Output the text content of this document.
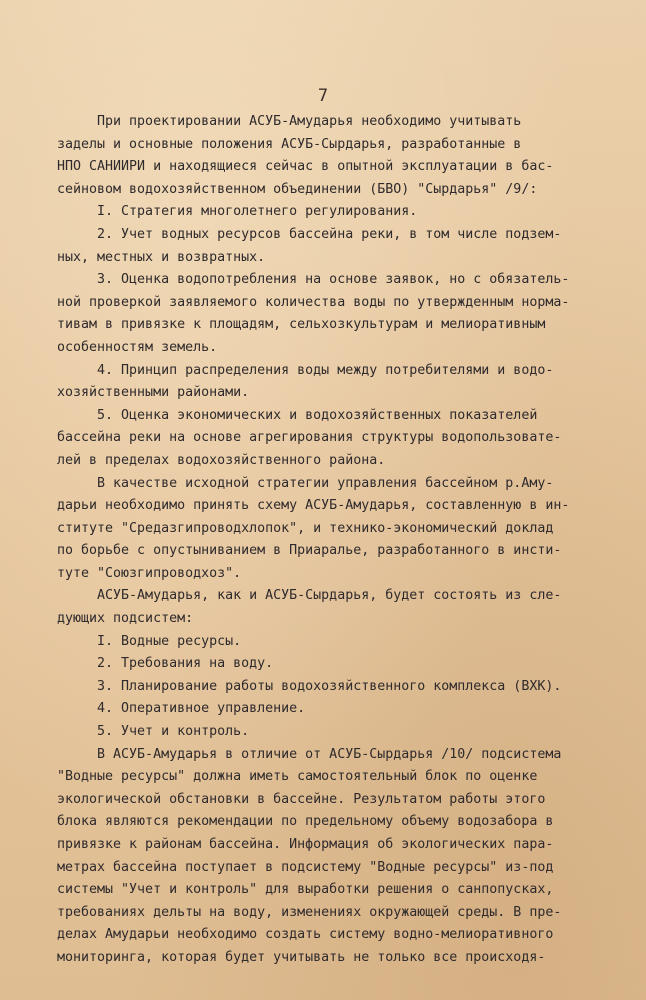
7
При проектировании АСУБ-Амударья необходимо учитывать
заделы и основные положения АСУБ-Сырдарья, разработанные в
НПО САНИИРИ и находящиеся сейчас в опытной эксплуатации в бас-
сейновом водохозяйственном объединении (БВО) "Сырдарья" /9/:
I. Стратегия многолетнего регулирования.
2. Учет водных ресурсов бассейна реки, в том числе подзем-
ных, местных и возвратных.
3. Оценка водопотребления на основе заявок, но с обязатель-
ной проверкой заявляемого количества воды по утвержденным норма-
тивам в привязке к площадям, сельхозкультурам и мелиоративным
особенностям земель.
4. Принцип распределения воды между потребителями и водо-
хозяйственными районами.
5. Оценка экономических и водохозяйственных показателей
бассейна реки на основе агрегирования структуры водопользовате-
лей в пределах водохозяйственного района.
В качестве исходной стратегии управления бассейном р.Аму-
дарьи необходимо принять схему АСУБ-Амударья, составленную в ин-
ституте "Средазгипроводхлопок", и технико-экономический доклад
по борьбе с опустыниванием в Приаралье, разработанного в инсти-
туте "Союзгипроводхоз".
АСУБ-Амударья, как и АСУБ-Сырдарья, будет состоять из сле-
дующих подсистем:
I. Водные ресурсы.
2. Требования на воду.
3. Планирование работы водохозяйственного комплекса (ВХК).
4. Оперативное управление.
5. Учет и контроль.
В АСУБ-Амударья в отличие от АСУБ-Сырдарья /10/ подсистема
"Водные ресурсы" должна иметь самостоятельный блок по оценке
экологической обстановки в бассейне. Результатом работы этого
блока являются рекомендации по предельному объему водозабора в
привязке к районам бассейна. Информация об экологических пара-
метрах бассейна поступает в подсистему "Водные ресурсы" из-под
системы "Учет и контроль" для выработки решения о санпопусках,
требованиях дельты на воду, изменениях окружающей среды. В пре-
делах Амударьи необходимо создать систему водно-мелиоративного
мониторинга, которая будет учитывать не только все происходя-
